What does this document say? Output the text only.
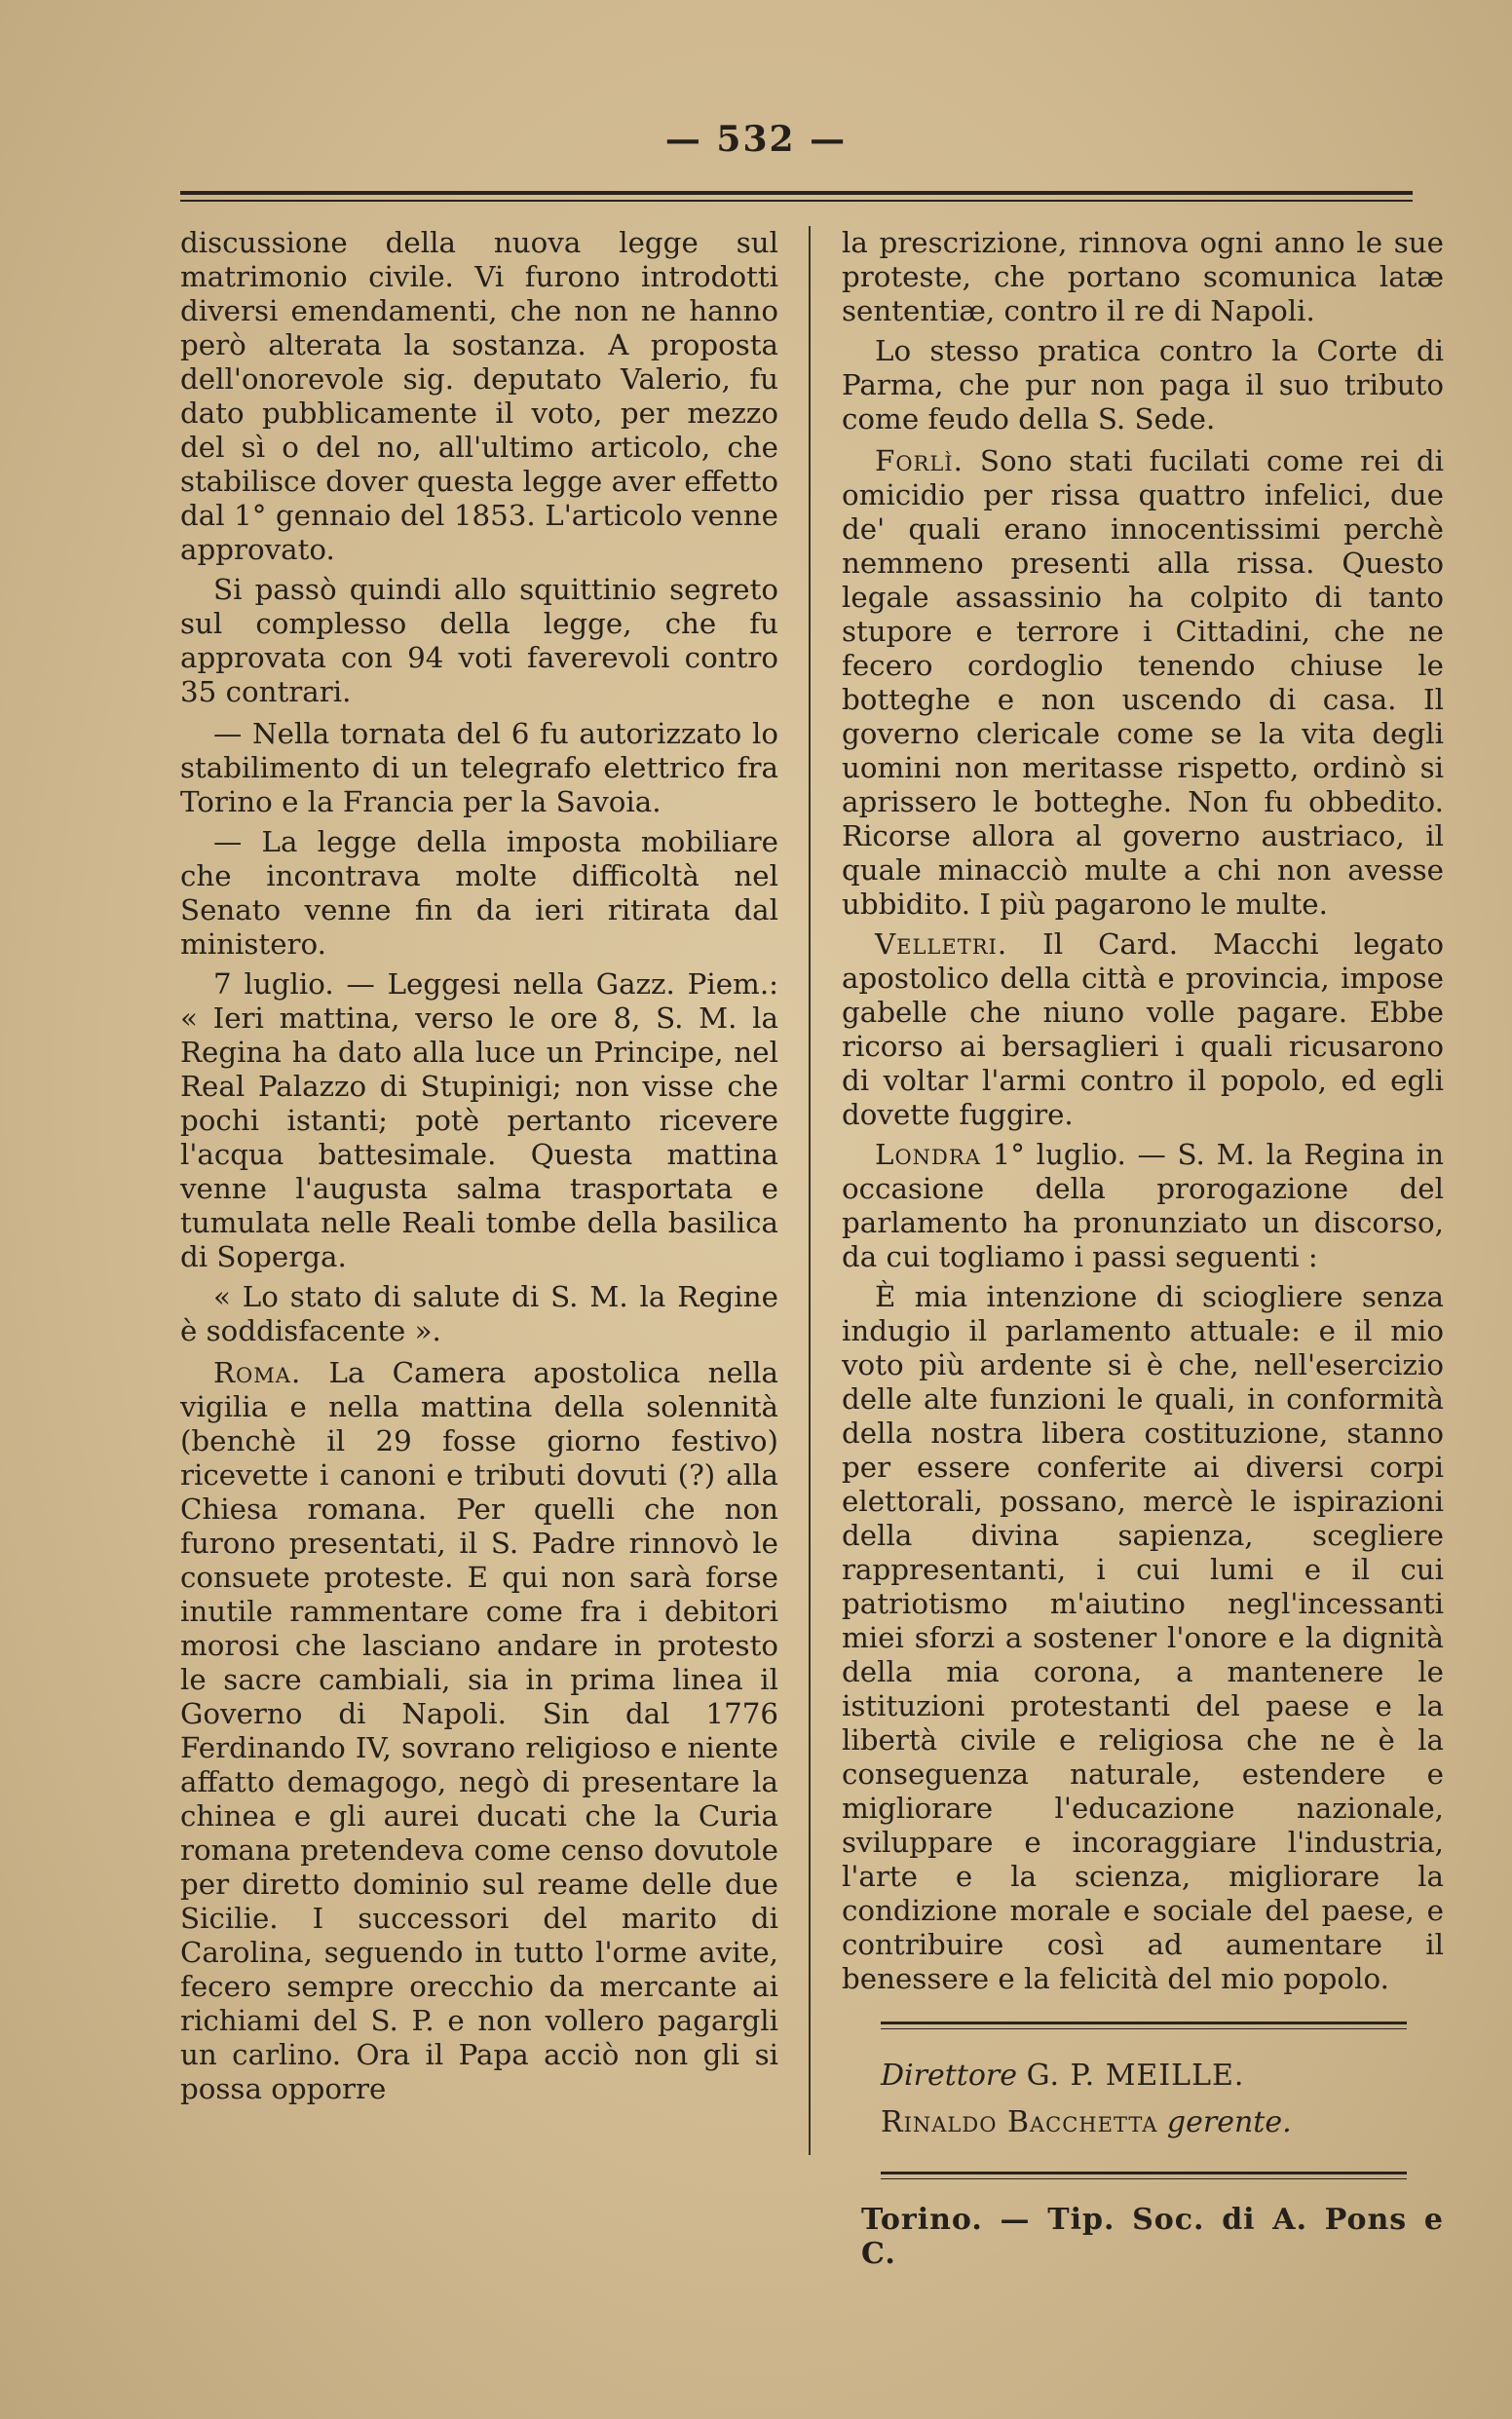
— 532 —

discussione della nuova legge sul matrimonio civile. Vi furono introdotti diversi emendamenti, che non ne hanno però alterata la sostanza. A proposta dell'onorevole sig. deputato Valerio, fu dato pubblicamente il voto, per mezzo del sì o del no, all'ultimo articolo, che stabilisce dover questa legge aver effetto dal 1° gennaio del 1853. L'articolo venne approvato.

Si passò quindi allo squittinio segreto sul complesso della legge, che fu approvata con 94 voti faverevoli contro 35 contrari.

— Nella tornata del 6 fu autorizzato lo stabilimento di un telegrafo elettrico fra Torino e la Francia per la Savoia.

— La legge della imposta mobiliare che incontrava molte difficoltà nel Senato venne fin da ieri ritirata dal ministero.

7 luglio. — Leggesi nella Gazz. Piem.: « Ieri mattina, verso le ore 8, S. M. la Regina ha dato alla luce un Principe, nel Real Palazzo di Stupinigi; non visse che pochi istanti; potè pertanto ricevere l'acqua battesimale. Questa mattina venne l'augusta salma trasportata e tumulata nelle Reali tombe della basilica di Soperga.

« Lo stato di salute di S. M. la Regine è soddisfacente ».

Roma. La Camera apostolica nella vigilia e nella mattina della solennità (benchè il 29 fosse giorno festivo) ricevette i canoni e tributi dovuti (?) alla Chiesa romana. Per quelli che non furono presentati, il S. Padre rinnovò le consuete proteste. E qui non sarà forse inutile rammentare come fra i debitori morosi che lasciano andare in protesto le sacre cambiali, sia in prima linea il Governo di Napoli. Sin dal 1776 Ferdinando IV, sovrano religioso e niente affatto demagogo, negò di presentare la chinea e gli aurei ducati che la Curia romana pretendeva come censo dovutole per diretto dominio sul reame delle due Sicilie. I successori del marito di Carolina, seguendo in tutto l'orme avite, fecero sempre orecchio da mercante ai richiami del S. P. e non vollero pagargli un carlino. Ora il Papa acciò non gli si possa opporre

la prescrizione, rinnova ogni anno le sue proteste, che portano scomunica latæ sententiæ, contro il re di Napoli.

Lo stesso pratica contro la Corte di Parma, che pur non paga il suo tributo come feudo della S. Sede.

Forlì. Sono stati fucilati come rei di omicidio per rissa quattro infelici, due de' quali erano innocentissimi perchè nemmeno presenti alla rissa. Questo legale assassinio ha colpito di tanto stupore e terrore i Cittadini, che ne fecero cordoglio tenendo chiuse le botteghe e non uscendo di casa. Il governo clericale come se la vita degli uomini non meritasse rispetto, ordinò si aprissero le botteghe. Non fu obbedito. Ricorse allora al governo austriaco, il quale minacciò multe a chi non avesse ubbidito. I più pagarono le multe.

Velletri. Il Card. Macchi legato apostolico della città e provincia, impose gabelle che niuno volle pagare. Ebbe ricorso ai bersaglieri i quali ricusarono di voltar l'armi contro il popolo, ed egli dovette fuggire.

Londra 1° luglio. — S. M. la Regina in occasione della prorogazione del parlamento ha pronunziato un discorso, da cui togliamo i passi seguenti :

È mia intenzione di sciogliere senza indugio il parlamento attuale: e il mio voto più ardente si è che, nell'esercizio delle alte funzioni le quali, in conformità della nostra libera costituzione, stanno per essere conferite ai diversi corpi elettorali, possano, mercè le ispirazioni della divina sapienza, scegliere rappresentanti, i cui lumi e il cui patriotismo m'aiutino negl'incessanti miei sforzi a sostener l'onore e la dignità della mia corona, a mantenere le istituzioni protestanti del paese e la libertà civile e religiosa che ne è la conseguenza naturale, estendere e migliorare l'educazione nazionale, sviluppare e incoraggiare l'industria, l'arte e la scienza, migliorare la condizione morale e sociale del paese, e contribuire così ad aumentare il benessere e la felicità del mio popolo.

Direttore G. P. MEILLE.
Rinaldo Bacchetta gerente.
Torino. — Tip. Soc. di A. Pons e C.
